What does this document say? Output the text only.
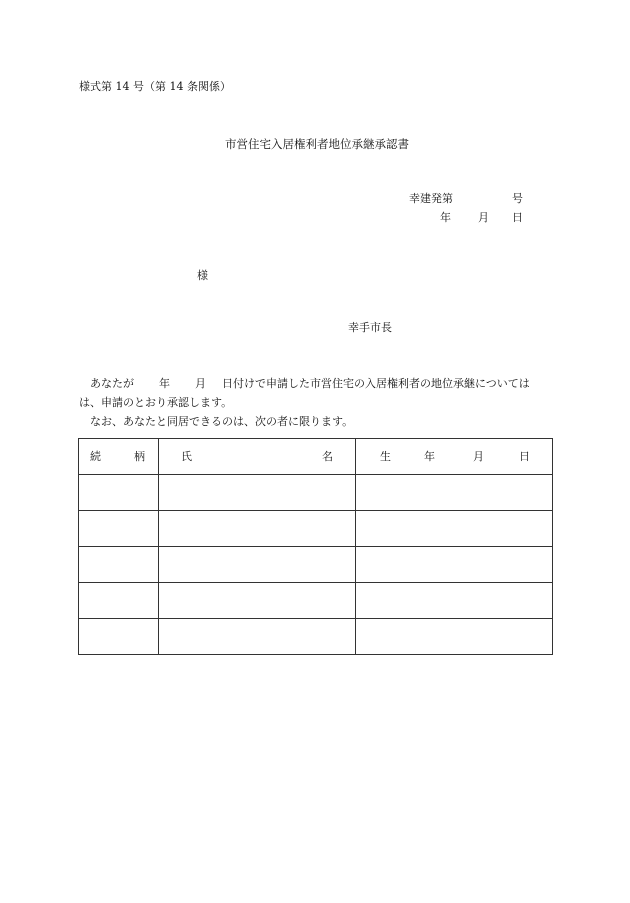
様式第 14 号（第 14 条関係）
市営住宅入居権利者地位承継承認書
幸建発第	号
年 月 日
様
幸手市長
あなたが 年 月 日付けで申請した市営住宅の入居権利者の地位承継については
は、申請のとおり承認します。
なお、あなたと同居できるのは、次の者に限ります。
続 柄	氏 名	生 年 月 日
